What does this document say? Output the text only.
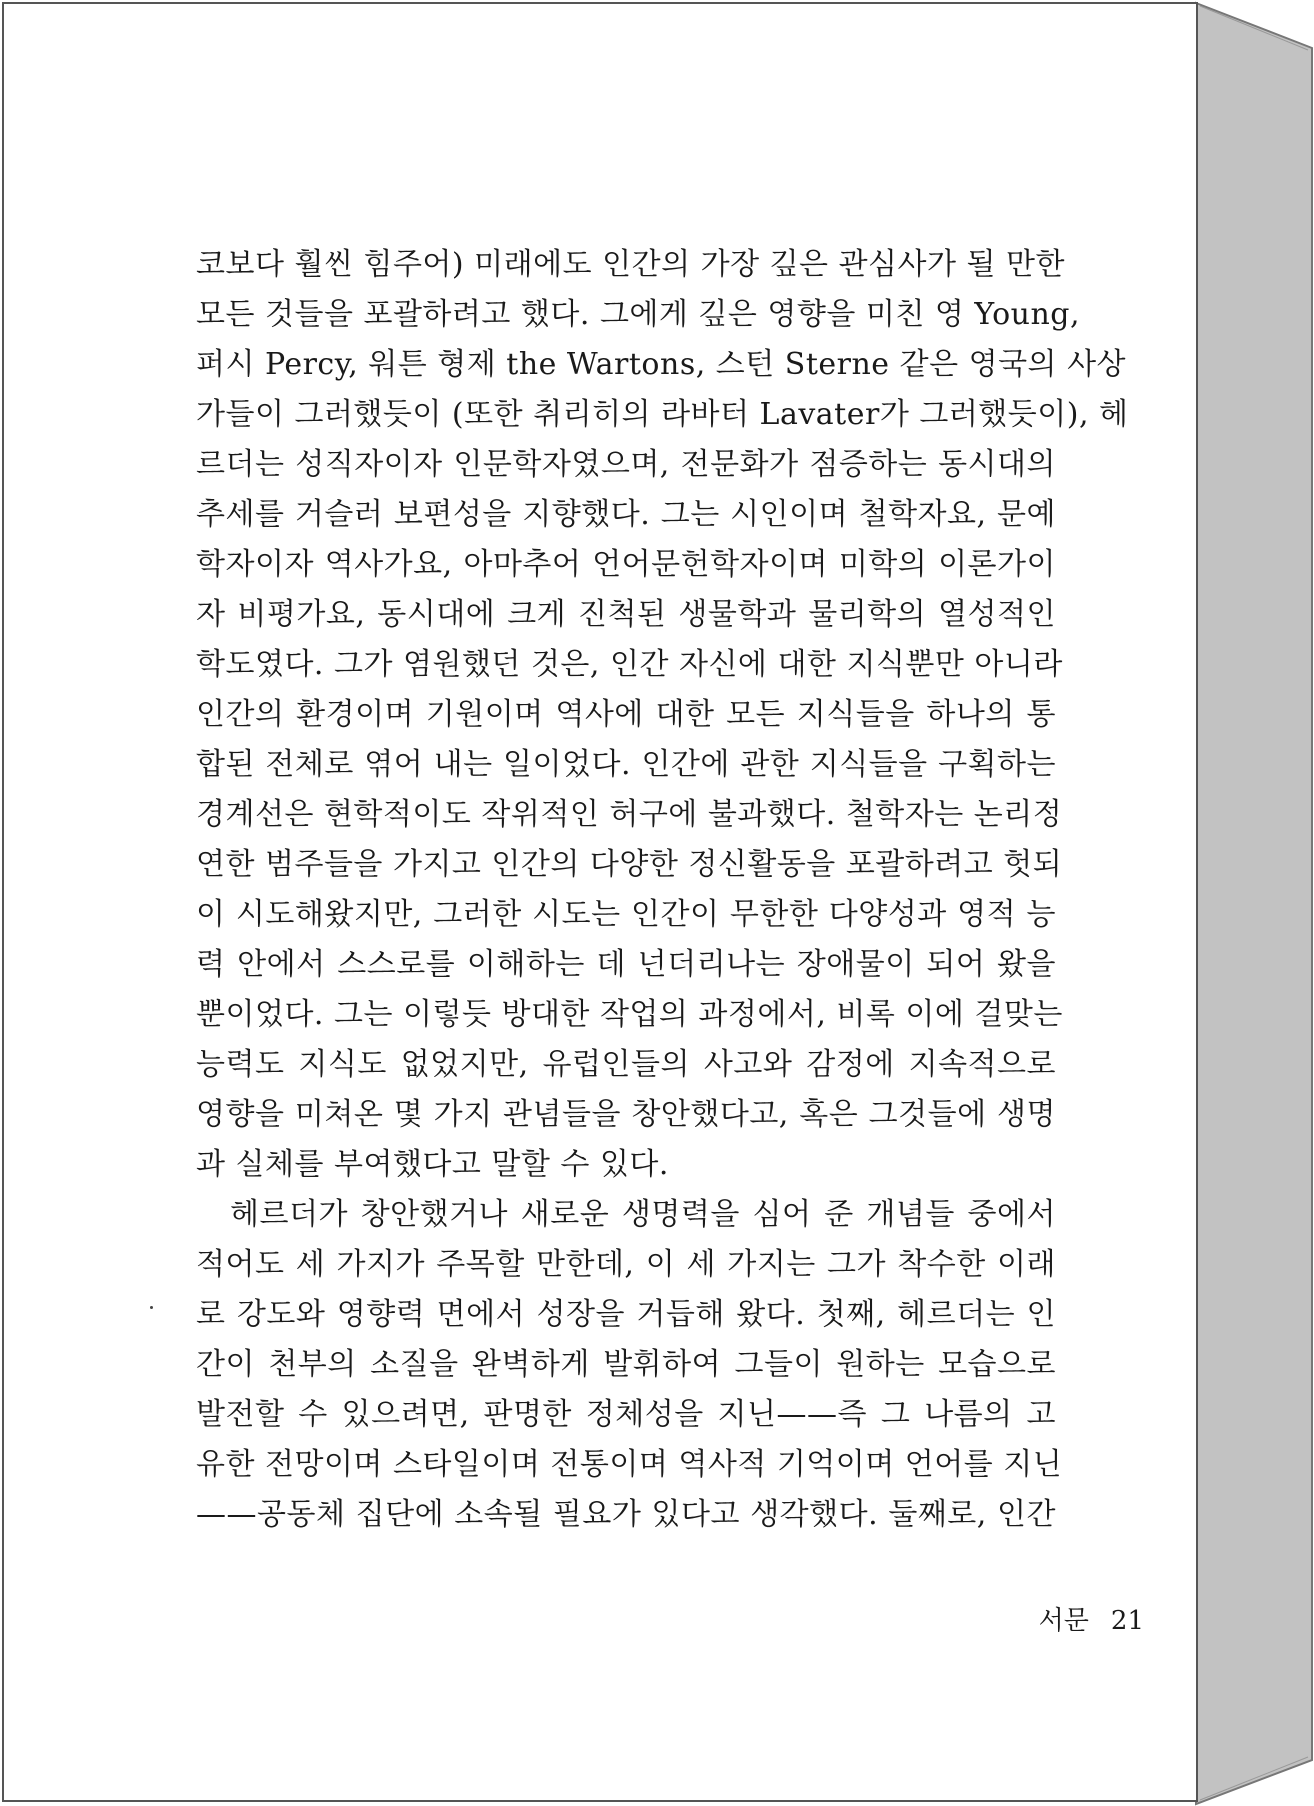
코보다 훨씬 힘주어) 미래에도 인간의 가장 깊은 관심사가 될 만한
모든 것들을 포괄하려고 했다. 그에게 깊은 영향을 미친 영 Young,
퍼시 Percy, 워튼 형제 the Wartons, 스턴 Sterne 같은 영국의 사상
가들이 그러했듯이 (또한 취리히의 라바터 Lavater가 그러했듯이), 헤
르더는 성직자이자 인문학자였으며, 전문화가 점증하는 동시대의
추세를 거슬러 보편성을 지향했다. 그는 시인이며 철학자요, 문예
학자이자 역사가요, 아마추어 언어문헌학자이며 미학의 이론가이
자 비평가요, 동시대에 크게 진척된 생물학과 물리학의 열성적인
학도였다. 그가 염원했던 것은, 인간 자신에 대한 지식뿐만 아니라
인간의 환경이며 기원이며 역사에 대한 모든 지식들을 하나의 통
합된 전체로 엮어 내는 일이었다. 인간에 관한 지식들을 구획하는
경계선은 현학적이도 작위적인 허구에 불과했다. 철학자는 논리정
연한 범주들을 가지고 인간의 다양한 정신활동을 포괄하려고 헛되
이 시도해왔지만, 그러한 시도는 인간이 무한한 다양성과 영적 능
력 안에서 스스로를 이해하는 데 넌더리나는 장애물이 되어 왔을
뿐이었다. 그는 이렇듯 방대한 작업의 과정에서, 비록 이에 걸맞는
능력도 지식도 없었지만, 유럽인들의 사고와 감정에 지속적으로
영향을 미쳐온 몇 가지 관념들을 창안했다고, 혹은 그것들에 생명
과 실체를 부여했다고 말할 수 있다.
헤르더가 창안했거나 새로운 생명력을 심어 준 개념들 중에서
적어도 세 가지가 주목할 만한데, 이 세 가지는 그가 착수한 이래
로 강도와 영향력 면에서 성장을 거듭해 왔다. 첫째, 헤르더는 인
간이 천부의 소질을 완벽하게 발휘하여 그들이 원하는 모습으로
발전할 수 있으려면, 판명한 정체성을 지닌——즉 그 나름의 고
유한 전망이며 스타일이며 전통이며 역사적 기억이며 언어를 지닌
——공동체 집단에 소속될 필요가 있다고 생각했다. 둘째로, 인간
서문 21
